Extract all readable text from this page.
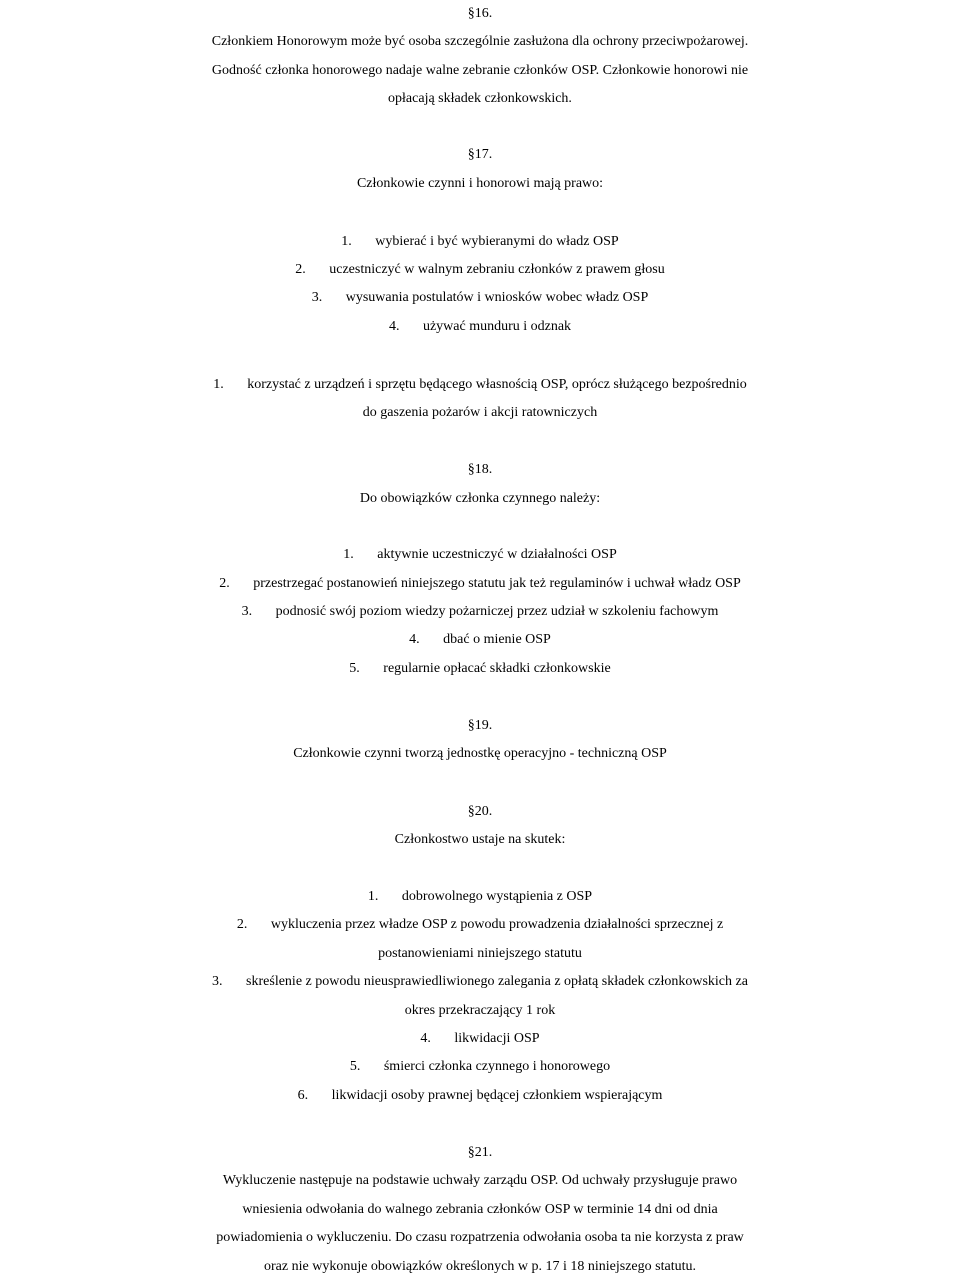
§16.
Członkiem Honorowym może być osoba szczególnie zasłużona dla ochrony przeciwpożarowej.
Godność członka honorowego nadaje walne zebranie członków OSP. Członkowie honorowi nie
opłacają składek członkowskich.
§17.
Członkowie czynni i honorowi mają prawo:
1. wybierać i być wybieranymi do władz OSP
2. uczestniczyć w walnym zebraniu członków z prawem głosu
3. wysuwania postulatów i wniosków wobec władz OSP
4. używać munduru i odznak
1. korzystać z urządzeń i sprzętu będącego własnością OSP, oprócz służącego bezpośrednio
do gaszenia pożarów i akcji ratowniczych
§18.
Do obowiązków członka czynnego należy:
1. aktywnie uczestniczyć w działalności OSP
2. przestrzegać postanowień niniejszego statutu jak też regulaminów i uchwał władz OSP
3. podnosić swój poziom wiedzy pożarniczej przez udział w szkoleniu fachowym
4. dbać o mienie OSP
5. regularnie opłacać składki członkowskie
§19.
Członkowie czynni tworzą jednostkę operacyjno - techniczną OSP
§20.
Członkostwo ustaje na skutek:
1. dobrowolnego wystąpienia z OSP
2. wykluczenia przez władze OSP z powodu prowadzenia działalności sprzecznej z
postanowieniami niniejszego statutu
3. skreślenie z powodu nieusprawiedliwionego zalegania z opłatą składek członkowskich za
okres przekraczający 1 rok
4. likwidacji OSP
5. śmierci członka czynnego i honorowego
6. likwidacji osoby prawnej będącej członkiem wspierającym
§21.
Wykluczenie następuje na podstawie uchwały zarządu OSP. Od uchwały przysługuje prawo
wniesienia odwołania do walnego zebrania członków OSP w terminie 14 dni od dnia
powiadomienia o wykluczeniu. Do czasu rozpatrzenia odwołania osoba ta nie korzysta z praw
oraz nie wykonuje obowiązków określonych w p. 17 i 18 niniejszego statutu.
